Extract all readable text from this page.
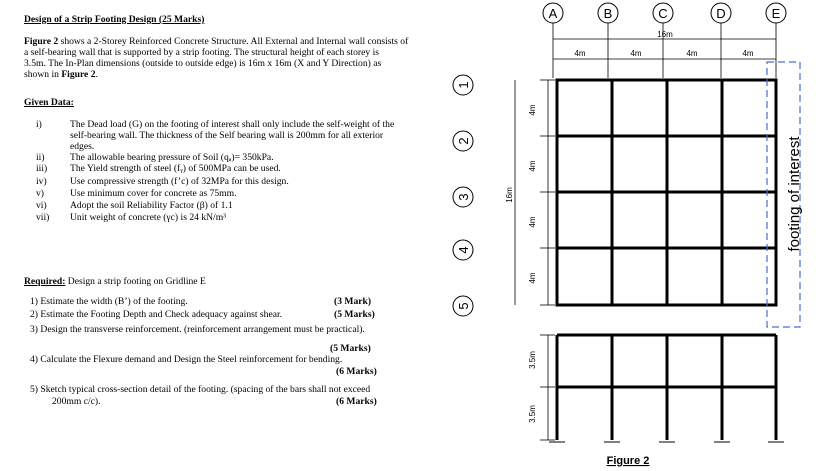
Design of a Strip Footing Design (25 Marks)
Figure 2 shows a 2-Storey Reinforced Concrete Structure. All External and Internal wall consists of
a self-bearing wall that is supported by a strip footing. The structural height of each storey is
3.5m. The In-Plan dimensions (outside to outside edge) is 16m x 16m (X and Y Direction) as
shown in Figure 2.
Given Data:
i)	The Dead load (G) on the footing of interest shall only include the self-weight of the
self-bearing wall. The thickness of the Self bearing wall is 200mm for all exterior
edges.
ii)	The allowable bearing pressure of Soil (qₐ)= 350kPa.
iii) The Yield strength of steel (fᵧ) of 500MPa can be used.
iv) Use compressive strength (f’c) of 32MPa for this design.
v)	Use minimum cover for concrete as 75mm.
vi) Adopt the soil Reliability Factor (β) of 1.1
vii) Unit weight of concrete (γc) is 24 kN/m³
Required: Design a strip footing on Gridline E
1) Estimate the width (B’) of the footing.	(3 Mark)
2) Estimate the Footing Depth and Check adequacy against shear.	(5 Marks)
3) Design the transverse reinforcement. (reinforcement arrangement must be practical).
(5 Marks)
4) Calculate the Flexure demand and Design the Steel reinforcement for bending.
(6 Marks)
5) Sketch typical cross-section detail of the footing. (spacing of the bars shall not exceed
200mm c/c).	(6 Marks)
A	B	C	D	E
1
2
3
4
5
16m
4m	4m	4m	4m
4m
4m
4m
4m
16m
3.5m
3.5m
footing of interest
Figure 2
